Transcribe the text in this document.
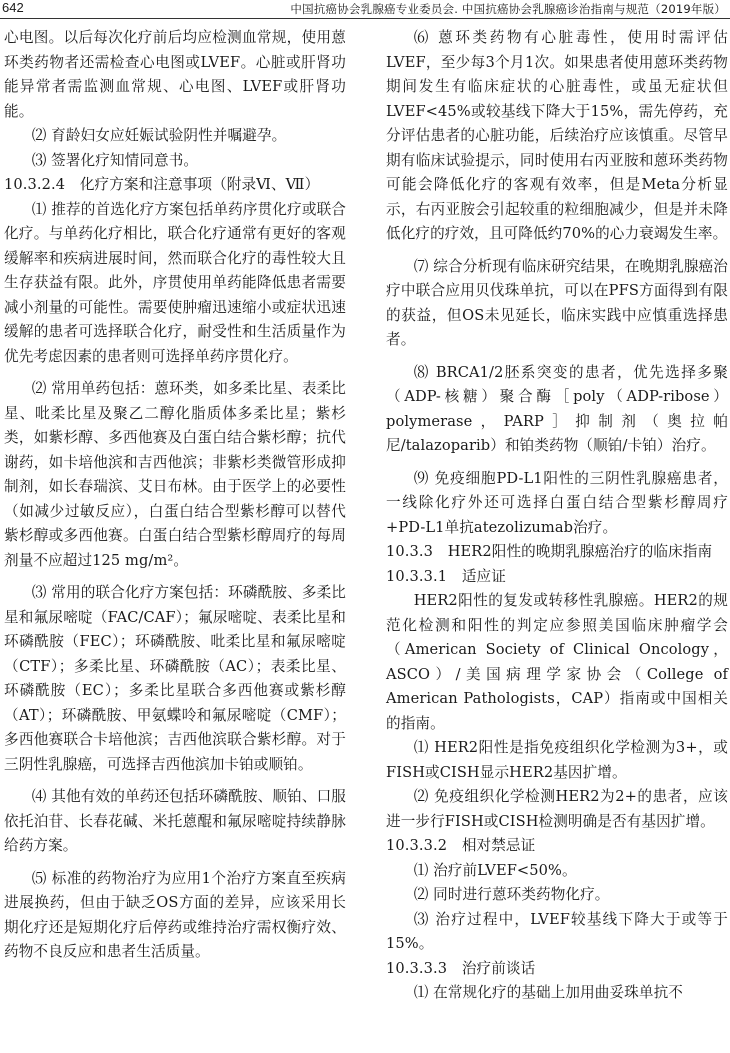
642	中国抗癌协会乳腺癌专业委员会. 中国抗癌协会乳腺癌诊治指南与规范（2019年版）

心电图。以后每次化疗前后均应检测血常规，使用蒽环类药物者还需检查心电图或LVEF。心脏或肝肾功能异常者需监测血常规、心电图、LVEF或肝肾功能。

⑵ 育龄妇女应妊娠试验阴性并嘱避孕。

⑶ 签署化疗知情同意书。

10.3.2.4　化疗方案和注意事项（附录Ⅵ、Ⅶ）

⑴ 推荐的首选化疗方案包括单药序贯化疗或联合化疗。与单药化疗相比，联合化疗通常有更好的客观缓解率和疾病进展时间，然而联合化疗的毒性较大且生存获益有限。此外，序贯使用单药能降低患者需要减小剂量的可能性。需要使肿瘤迅速缩小或症状迅速缓解的患者可选择联合化疗，耐受性和生活质量作为优先考虑因素的患者则可选择单药序贯化疗。

⑵ 常用单药包括：蒽环类，如多柔比星、表柔比星、吡柔比星及聚乙二醇化脂质体多柔比星；紫杉类，如紫杉醇、多西他赛及白蛋白结合紫杉醇；抗代谢药，如卡培他滨和吉西他滨；非紫杉类微管形成抑制剂，如长春瑞滨、艾日布林。由于医学上的必要性（如减少过敏反应），白蛋白结合型紫杉醇可以替代紫杉醇或多西他赛。白蛋白结合型紫杉醇周疗的每周剂量不应超过125 mg/m²。

⑶ 常用的联合化疗方案包括：环磷酰胺、多柔比星和氟尿嘧啶（FAC/CAF）；氟尿嘧啶、表柔比星和环磷酰胺（FEC）；环磷酰胺、吡柔比星和氟尿嘧啶（CTF）；多柔比星、环磷酰胺（AC）；表柔比星、环磷酰胺（EC）；多柔比星联合多西他赛或紫杉醇（AT）；环磷酰胺、甲氨蝶呤和氟尿嘧啶（CMF）；多西他赛联合卡培他滨；吉西他滨联合紫杉醇。对于三阴性乳腺癌，可选择吉西他滨加卡铂或顺铂。

⑷ 其他有效的单药还包括环磷酰胺、顺铂、口服依托泊苷、长春花碱、米托蒽醌和氟尿嘧啶持续静脉给药方案。

⑸ 标准的药物治疗为应用1个治疗方案直至疾病进展换药，但由于缺乏OS方面的差异，应该采用长期化疗还是短期化疗后停药或维持治疗需权衡疗效、药物不良反应和患者生活质量。

⑹ 蒽环类药物有心脏毒性，使用时需评估LVEF，至少每3个月1次。如果患者使用蒽环类药物期间发生有临床症状的心脏毒性，或虽无症状但LVEF<45%或较基线下降大于15%，需先停药，充分评估患者的心脏功能，后续治疗应该慎重。尽管早期有临床试验提示，同时使用右丙亚胺和蒽环类药物可能会降低化疗的客观有效率，但是Meta分析显示，右丙亚胺会引起较重的粒细胞减少，但是并未降低化疗的疗效，且可降低约70%的心力衰竭发生率。

⑺ 综合分析现有临床研究结果，在晚期乳腺癌治疗中联合应用贝伐珠单抗，可以在PFS方面得到有限的获益，但OS未见延长，临床实践中应慎重选择患者。

⑻ BRCA1/2胚系突变的患者，优先选择多聚（ADP-核糖）聚合酶［poly（ADP-ribose）polymerase，PARP］抑制剂（奥拉帕尼/talazoparib）和铂类药物（顺铂/卡铂）治疗。

⑼ 免疫细胞PD-L1阳性的三阴性乳腺癌患者，一线除化疗外还可选择白蛋白结合型紫杉醇周疗+PD-L1单抗atezolizumab治疗。

10.3.3　HER2阳性的晚期乳腺癌治疗的临床指南

10.3.3.1　适应证

HER2阳性的复发或转移性乳腺癌。HER2的规范化检测和阳性的判定应参照美国临床肿瘤学会（American Society of Clinical Oncology，ASCO）/美国病理学家协会（College of American Pathologists，CAP）指南或中国相关的指南。

⑴ HER2阳性是指免疫组织化学检测为3+，或FISH或CISH显示HER2基因扩增。

⑵ 免疫组织化学检测HER2为2+的患者，应该进一步行FISH或CISH检测明确是否有基因扩增。

10.3.3.2　相对禁忌证

⑴ 治疗前LVEF<50%。

⑵ 同时进行蒽环类药物化疗。

⑶ 治疗过程中，LVEF较基线下降大于或等于15%。

10.3.3.3　治疗前谈话

⑴ 在常规化疗的基础上加用曲妥珠单抗不
